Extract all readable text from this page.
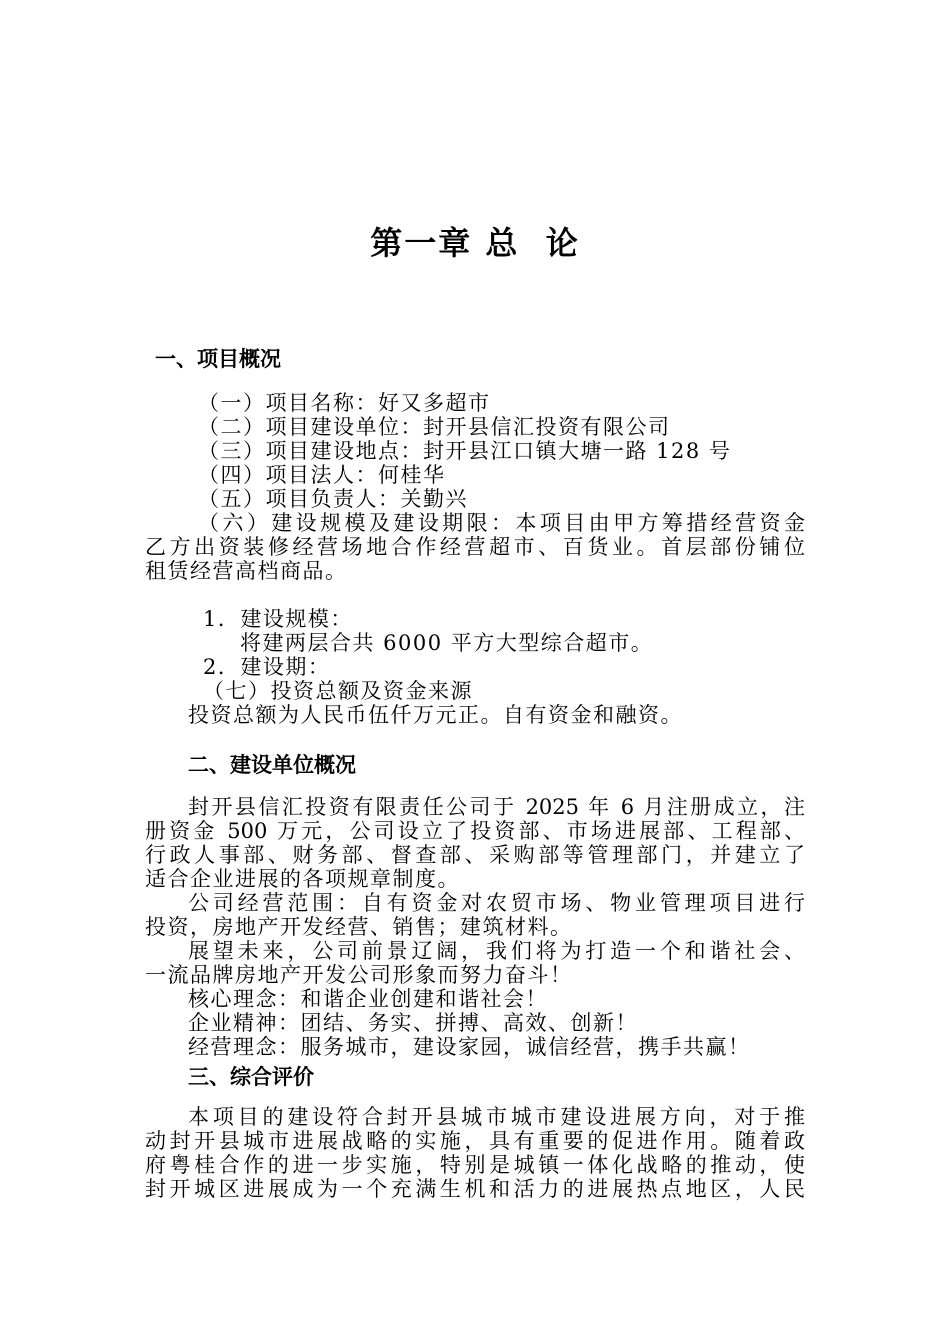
第一章 总  论
一、项目概况
（一）项目名称：好又多超市
（二）项目建设单位：封开县信汇投资有限公司
（三）项目建设地点：封开县江口镇大塘一路 128 号
（四）项目法人：何桂华
（五）项目负责人：关勤兴
（六）建设规模及建设期限：本项目由甲方筹措经营资金
乙方出资装修经营场地合作经营超市、百货业。首层部份铺位
租赁经营高档商品。
1．建设规模：
将建两层合共 6000 平方大型综合超市。
2．建设期：
（七）投资总额及资金来源
投资总额为人民币伍仟万元正。自有资金和融资。
二、建设单位概况
封开县信汇投资有限责任公司于 2025 年 6 月注册成立，注
册资金 500 万元，公司设立了投资部、市场进展部、工程部、
行政人事部、财务部、督查部、采购部等管理部门，并建立了
适合企业进展的各项规章制度。
公司经营范围：自有资金对农贸市场、物业管理项目进行
投资，房地产开发经营、销售；建筑材料。
展望未来，公司前景辽阔，我们将为打造一个和谐社会、
一流品牌房地产开发公司形象而努力奋斗！
核心理念：和谐企业创建和谐社会！
企业精神：团结、务实、拼搏、高效、创新！
经营理念：服务城市，建设家园，诚信经营，携手共赢！
三、综合评价
本项目的建设符合封开县城市城市建设进展方向，对于推
动封开县城市进展战略的实施，具有重要的促进作用。随着政
府粤桂合作的进一步实施，特别是城镇一体化战略的推动，使
封开城区进展成为一个充满生机和活力的进展热点地区，人民
